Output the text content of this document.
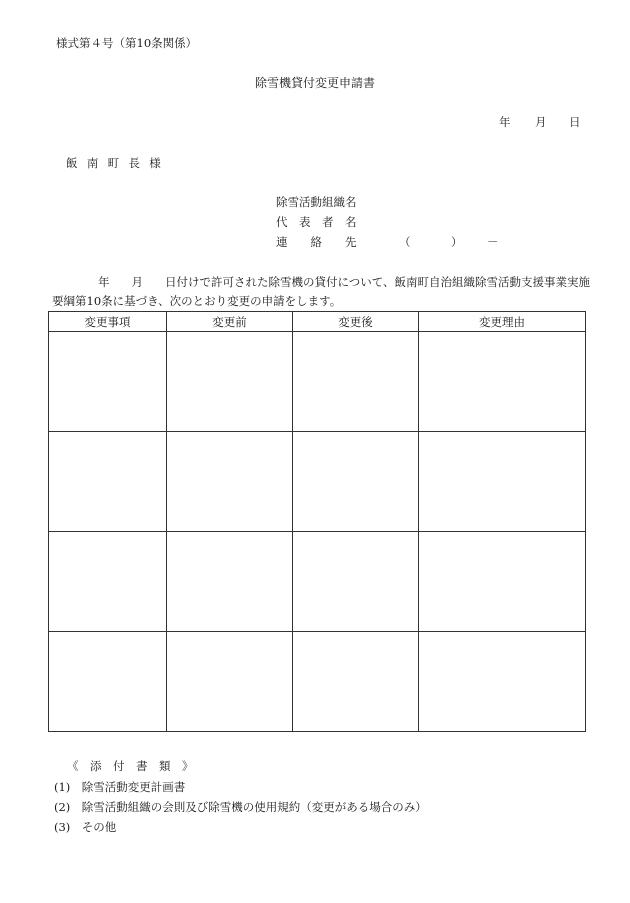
様式第４号（第10条関係）
除雪機貸付変更申請書
年 月 日
飯 南 町 長 様
除雪活動組織名
代　表　者　名
連　　絡　　先	（	） －
年 月 日付けで許可された除雪機の貸付について、飯南町自治組織除雪活動支援事業実施要綱第10条に基づき、次のとおり変更の申請をします。
変更事項	変更前	変更後	変更理由

《　添　付　書　類　》
(1)　除雪活動変更計画書
(2)　除雪活動組織の会則及び除雪機の使用規約（変更がある場合のみ）
(3)　その他
